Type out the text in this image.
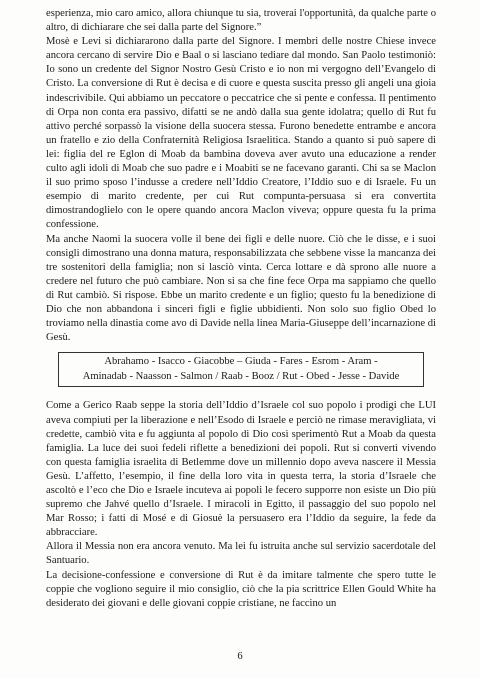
esperienza, mio caro amico, allora chiunque tu sia, troverai l'opportunità, da qualche parte o altro, di dichiarare che sei dalla parte del Signore.”

Mosè e Levi si dichiararono dalla parte del Signore. I membri delle nostre Chiese invece ancora cercano di servire Dio e Baal o si lasciano tediare dal mondo. San Paolo testimoniò: Io sono un credente del Signor Nostro Gesù Cristo e io non mi vergogno dell’Evangelo di Cristo. La conversione di Rut è decisa e di cuore e questa suscita presso gli angeli una gioia indescrivibile. Qui abbiamo un peccatore o peccatrice che si pente e confessa. Il pentimento di Orpa non conta era passivo, difatti se ne andò dalla sua gente idolatra; quello di Rut fu attivo perché sorpassò la visione della suocera stessa. Furono benedette entrambe e ancora un fratello e zio della Confraternità Religiosa Israelitica. Stando a quanto si può sapere di lei: figlia del re Eglon di Moab da bambina doveva aver avuto una educazione a render culto agli idoli di Moab che suo padre e i Moabiti se ne facevano garanti. Chi sa se Maclon il suo primo sposo l’indusse a credere nell’Iddio Creatore, l’Iddio suo e di Israele. Fu un esempio di marito credente, per cui Rut compunta-persuasa si era convertita dimostrandoglielo con le opere quando ancora Maclon viveva; oppure questa fu la prima confessione.

Ma anche Naomi la suocera volle il bene dei figli e delle nuore. Ciò che le disse, e i suoi consigli dimostrano una donna matura, responsabilizzata che sebbene visse la mancanza dei tre sostenitori della famiglia; non si lasciò vinta. Cerca lottare e dà sprono alle nuore a credere nel futuro che può cambiare. Non si sa che fine fece Orpa ma sappiamo che quello di Rut cambiò. Si rispose. Ebbe un marito credente e un figlio; questo fu la benedizione di Dio che non abbandona i sinceri figli e figlie ubbidienti. Non solo suo figlio Obed lo troviamo nella dinastia come avo di Davide nella linea Maria-Giuseppe dell’incarnazione di Gesù.

Abrahamo - Isacco - Giacobbe – Giuda - Fares - Esrom - Aram -
Aminadab - Naasson - Salmon / Raab - Booz / Rut - Obed - Jesse - Davide

Come a Gerico Raab seppe la storia dell’Iddio d’Israele col suo popolo i prodigi che LUI aveva compiuti per la liberazione e nell’Esodo di Israele e perciò ne rimase meravigliata, vi credette, cambiò vita e fu aggiunta al popolo di Dio così sperimentò Rut a Moab da questa famiglia. La luce dei suoi fedeli riflette a benedizioni dei popoli. Rut si convertì vivendo con questa famiglia israelita di Betlemme dove un millennio dopo aveva nascere il Messia Gesù. L’affetto, l’esempio, il fine della loro vita in questa terra, la storia d’Israele che ascoltò e l’eco che Dio e Israele incuteva ai popoli le fecero supporre non esiste un Dio più supremo che Jahvé quello d’Israele. I miracoli in Egitto, il passaggio del suo popolo nel Mar Rosso; i fatti di Mosé e di Giosuè la persuasero era l’Iddio da seguire, la fede da abbracciare.

Allora il Messia non era ancora venuto. Ma lei fu istruita anche sul servizio sacerdotale del Santuario.

La decisione-confessione e conversione di Rut è da imitare talmente che spero tutte le coppie che vogliono seguire il mio consiglio, ciò che la pia scrittrice Ellen Gould White ha desiderato dei giovani e delle giovani coppie cristiane, ne faccino un

6
